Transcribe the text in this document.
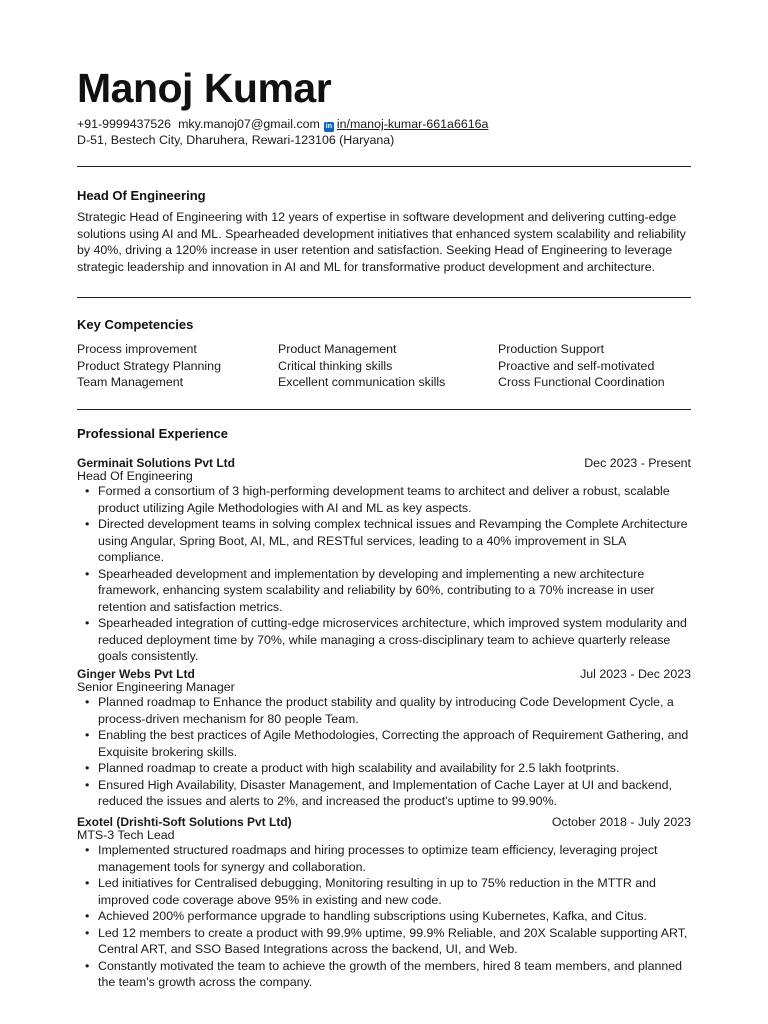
Manoj Kumar
+91-9999437526 mky.manoj07@gmail.com in in/manoj-kumar-661a6616a
D-51, Bestech City, Dharuhera, Rewari-123106 (Haryana)
Head Of Engineering

Strategic Head of Engineering with 12 years of expertise in software development and delivering cutting-edge solutions using AI and ML. Spearheaded development initiatives that enhanced system scalability and reliability by 40%, driving a 120% increase in user retention and satisfaction. Seeking Head of Engineering to leverage strategic leadership and innovation in AI and ML for transformative product development and architecture.

Key Competencies
Process improvement	Product Management	Production Support
Product Strategy Planning	Critical thinking skills	Proactive and self-motivated
Team Management	Excellent communication skills	Cross Functional Coordination
Professional Experience
Germinait Solutions Pvt Ltd	Dec 2023 - Present
Head Of Engineering
• Formed a consortium of 3 high-performing development teams to architect and deliver a robust, scalable product utilizing Agile Methodologies with AI and ML as key aspects.
• Directed development teams in solving complex technical issues and Revamping the Complete Architecture using Angular, Spring Boot, AI, ML, and RESTful services, leading to a 40% improvement in SLA compliance.
• Spearheaded development and implementation by developing and implementing a new architecture framework, enhancing system scalability and reliability by 60%, contributing to a 70% increase in user retention and satisfaction metrics.
• Spearheaded integration of cutting-edge microservices architecture, which improved system modularity and reduced deployment time by 70%, while managing a cross-disciplinary team to achieve quarterly release goals consistently.
Ginger Webs Pvt Ltd	Jul 2023 - Dec 2023
Senior Engineering Manager
• Planned roadmap to Enhance the product stability and quality by introducing Code Development Cycle, a process-driven mechanism for 80 people Team.
• Enabling the best practices of Agile Methodologies, Correcting the approach of Requirement Gathering, and Exquisite brokering skills.
• Planned roadmap to create a product with high scalability and availability for 2.5 lakh footprints.
• Ensured High Availability, Disaster Management, and Implementation of Cache Layer at UI and backend, reduced the issues and alerts to 2%, and increased the product's uptime to 99.90%.
Exotel (Drishti-Soft Solutions Pvt Ltd)	October 2018 - July 2023
MTS-3 Tech Lead
• Implemented structured roadmaps and hiring processes to optimize team efficiency, leveraging project management tools for synergy and collaboration.
• Led initiatives for Centralised debugging, Monitoring resulting in up to 75% reduction in the MTTR and improved code coverage above 95% in existing and new code.
• Achieved 200% performance upgrade to handling subscriptions using Kubernetes, Kafka, and Citus.
• Led 12 members to create a product with 99.9% uptime, 99.9% Reliable, and 20X Scalable supporting ART, Central ART, and SSO Based Integrations across the backend, UI, and Web.
• Constantly motivated the team to achieve the growth of the members, hired 8 team members, and planned the team's growth across the company.
